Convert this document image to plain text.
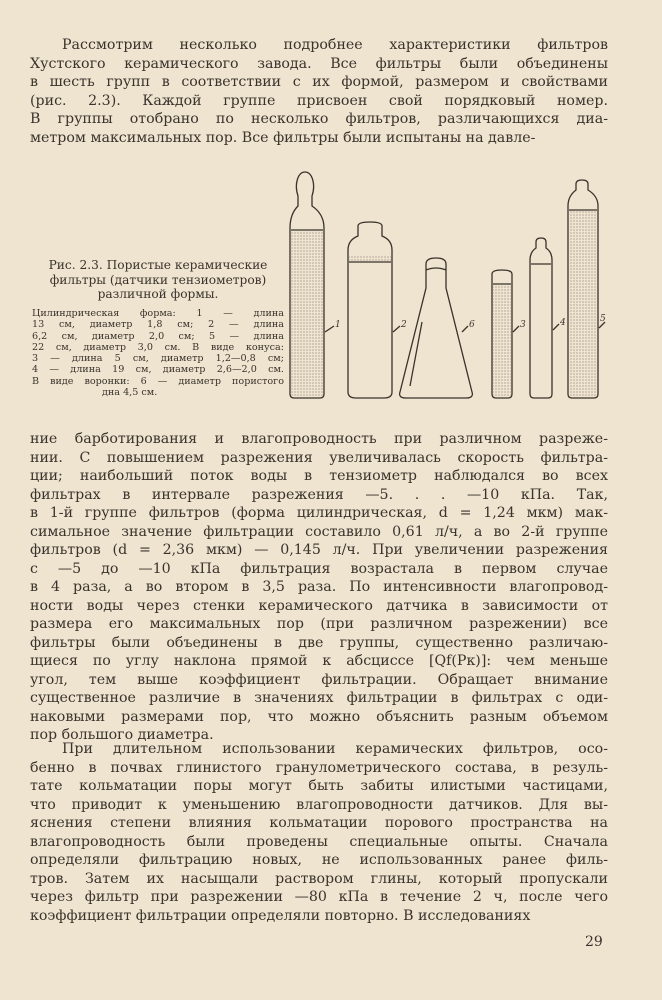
Рассмотрим несколько подробнее характеристики фильтров
Хустского керамического завода. Все фильтры были объединены
в шесть групп в соответствии с их формой, размером и свойствами
(рис. 2.3). Каждой группе присвоен свой порядковый номер.
В группы отобрано по несколько фильтров, различающихся диа-
метром максимальных пор. Все фильтры были испытаны на давле-

Рис. 2.3. Пористые керамические
фильтры (датчики тензиометров)
различной формы.
Цилиндрическая форма: 1 — длина
13 см, диаметр 1,8 см; 2 — длина
6,2 см, диаметр 2,0 см; 5 — длина
22 см, диаметр 3,0 см. В виде конуса:
3 — длина 5 см, диаметр 1,2—0,8 см;
4 — длина 19 см, диаметр 2,6—2,0 см.
В виде воронки: 6 — диаметр пористого
дна 4,5 см.
1	2	6	3	4	5

ние барботирования и влагопроводность при различном разреже-
нии. С повышением разрежения увеличивалась скорость фильтра-
ции; наибольший поток воды в тензиометр наблюдался во всех
фильтрах в интервале разрежения —5. . . —10 кПа. Так,
в 1-й группе фильтров (форма цилиндрическая, d = 1,24 мкм) мак-
симальное значение фильтрации составило 0,61 л/ч, а во 2-й группе
фильтров (d = 2,36 мкм) — 0,145 л/ч. При увеличении разрежения
с —5 до —10 кПа фильтрация возрастала в первом случае
в 4 раза, а во втором в 3,5 раза. По интенсивности влагопровод-
ности воды через стенки керамического датчика в зависимости от
размера его максимальных пор (при различном разрежении) все
фильтры были объединены в две группы, существенно различаю-
щиеся по углу наклона прямой к абсциссе [Qf(Pк)]: чем меньше
угол, тем выше коэффициент фильтрации. Обращает внимание
существенное различие в значениях фильтрации в фильтрах с оди-
наковыми размерами пор, что можно объяснить разным объемом
пор большого диаметра.

При длительном использовании керамических фильтров, осо-
бенно в почвах глинистого гранулометрического состава, в резуль-
тате кольматации поры могут быть забиты илистыми частицами,
что приводит к уменьшению влагопроводности датчиков. Для вы-
яснения степени влияния кольматации порового пространства на
влагопроводность были проведены специальные опыты. Сначала
определяли фильтрацию новых, не использованных ранее филь-
тров. Затем их насыщали раствором глины, который пропускали
через фильтр при разрежении —80 кПа в течение 2 ч, после чего
коэффициент фильтрации определяли повторно. В исследованиях

29
